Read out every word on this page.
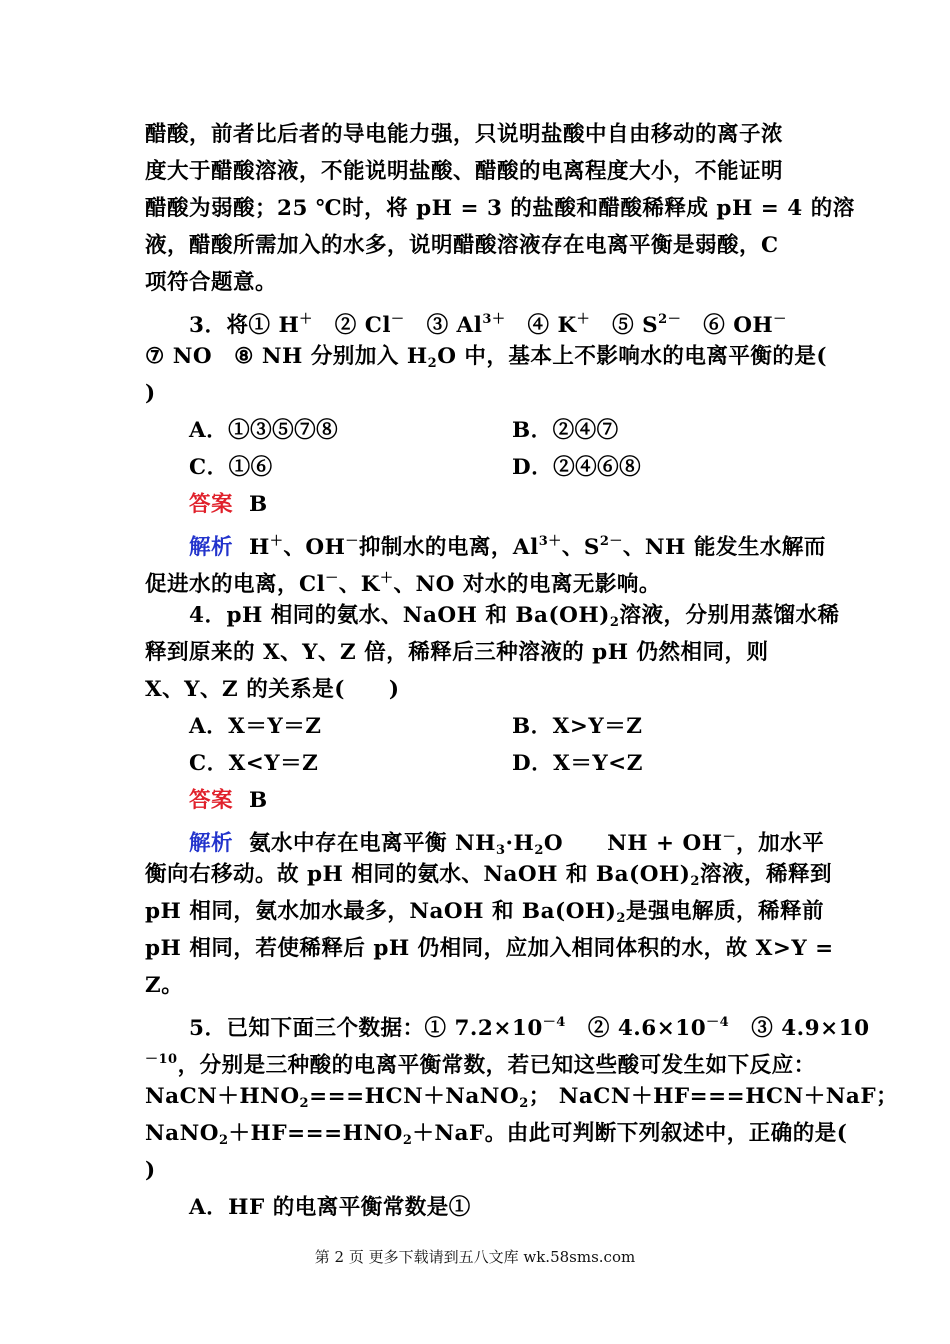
醋酸，前者比后者的导电能力强，只说明盐酸中自由移动的离子浓
度大于醋酸溶液，不能说明盐酸、醋酸的电离程度大小，不能证明
醋酸为弱酸；25 ℃时，将 pH = 3 的盐酸和醋酸稀释成 pH = 4 的溶
液，醋酸所需加入的水多，说明醋酸溶液存在电离平衡是弱酸，C
项符合题意。
3．将① H＋　② Cl－　③ $Al^{3+}$　④ K＋　⑤ $S^{2-}$　⑥ OH－
⑦ NO　⑧ NH 分别加入 $H_2O$ 中，基本上不影响水的电离平衡的是(
)
A．①③⑤⑦⑧	B．②④⑦
C．①⑥	D．②④⑥⑧
答案 B
解析 H＋、OH－抑制水的电离，$Al^{3+}$、$S^{2-}$、NH 能发生水解而
促进水的电离，Cl－、K＋、NO 对水的电离无影响。
4．pH 相同的氨水、NaOH 和 $Ba(OH)_2$溶液，分别用蒸馏水稀
释到原来的 X、Y、Z 倍，稀释后三种溶液的 pH 仍然相同，则
X、Y、Z 的关系是(　　)
A．X＝Y＝Z	B．X>Y＝Z
C．X<Y＝Z	D．X＝Y<Z
答案 B
解析 氨水中存在电离平衡 $NH_3\cdot H_2O$　　NH + OH－，加水平
衡向右移动。故 pH 相同的氨水、NaOH 和 $Ba(OH)_2$溶液，稀释到
pH 相同，氨水加水最多，NaOH 和 $Ba(OH)_2$是强电解质，稀释前
pH 相同，若使稀释后 pH 仍相同，应加入相同体积的水，故 X>Y =
Z。
5．已知下面三个数据：① $7.2\times 10^{-4}$　② $4.6\times 10^{-4}$　③ 4.9×10
$^{-10}$，分别是三种酸的电离平衡常数，若已知这些酸可发生如下反应：
$NaCN+HNO_2===HCN+NaNO_2$； NaCN＋HF===HCN＋NaF；
$NaNO_2+HF===HNO_2+NaF$。由此可判断下列叙述中，正确的是(
)
A．HF 的电离平衡常数是①
第 2 页 更多下载请到五八文库 wk.58sms.com
